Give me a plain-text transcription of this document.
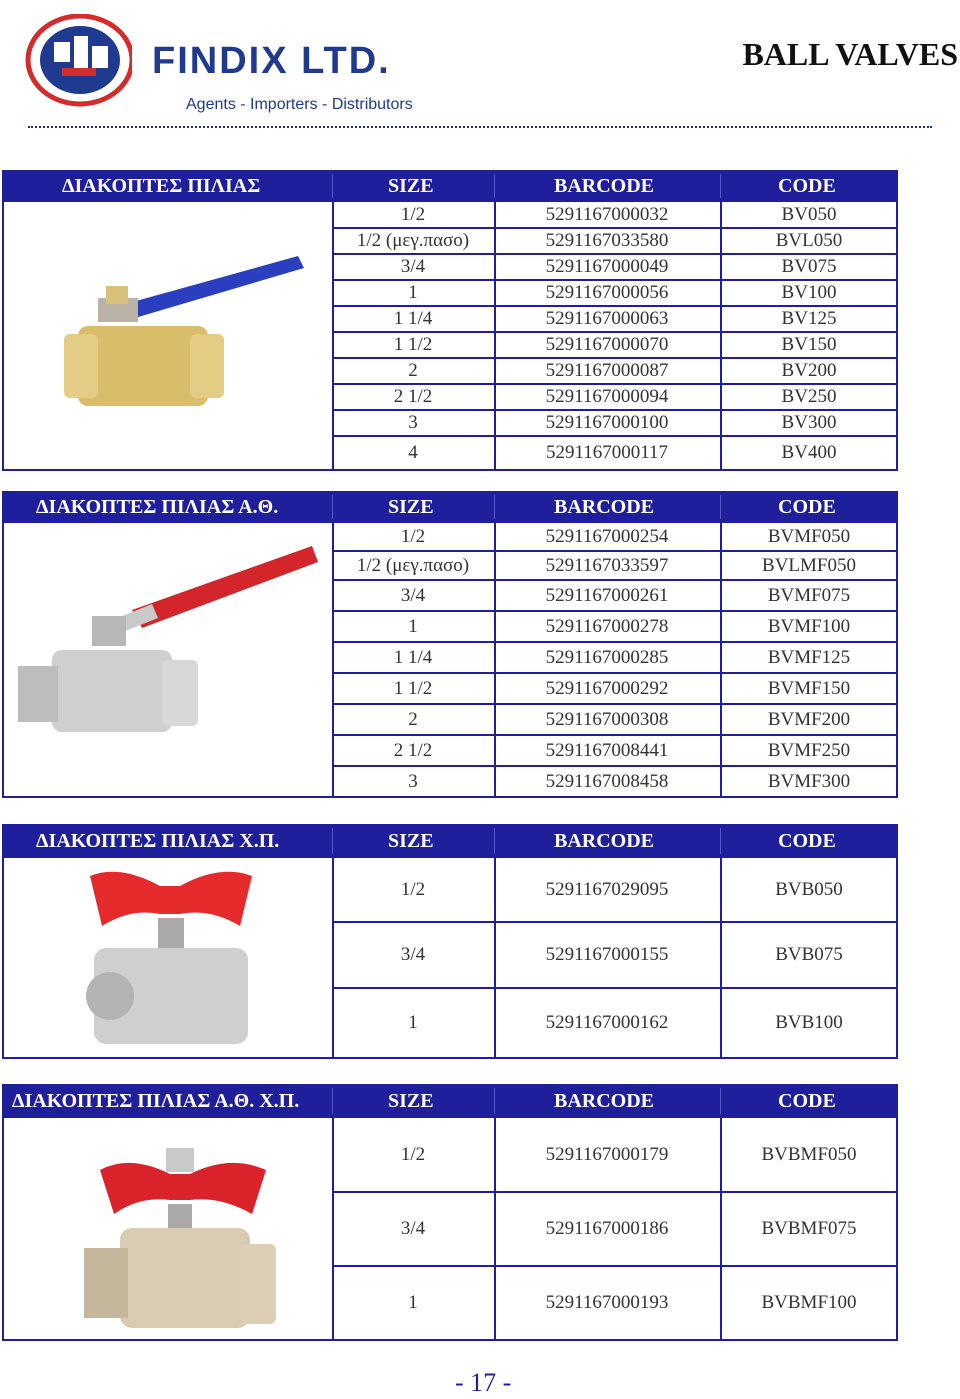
FINDIX LTD.
Agents - Importers - Distributors
BALL VALVES
ΔΙΑΚΟΠΤΕΣ ΠΙΛΙΑΣ	SIZE	BARCODE	CODE
1/2	5291167000032	BV050
1/2 (μεγ.πασο)	5291167033580	BVL050
3/4	5291167000049	BV075
1	5291167000056	BV100
1 1/4	5291167000063	BV125
1 1/2	5291167000070	BV150
2	5291167000087	BV200
2 1/2	5291167000094	BV250
3	5291167000100	BV300
4	5291167000117	BV400
ΔΙΑΚΟΠΤΕΣ ΠΙΛΙΑΣ Α.Θ.	SIZE	BARCODE	CODE
1/2	5291167000254	BVMF050
1/2 (μεγ.πασο)	5291167033597	BVLMF050
3/4	5291167000261	BVMF075
1	5291167000278	BVMF100
1 1/4	5291167000285	BVMF125
1 1/2	5291167000292	BVMF150
2	5291167000308	BVMF200
2 1/2	5291167008441	BVMF250
3	5291167008458	BVMF300
ΔΙΑΚΟΠΤΕΣ ΠΙΛΙΑΣ Χ.Π.	SIZE	BARCODE	CODE
1/2	5291167029095	BVB050
3/4	5291167000155	BVB075
1	5291167000162	BVB100
ΔΙΑΚΟΠΤΕΣ ΠΙΛΙΑΣ Α.Θ. Χ.Π.	SIZE	BARCODE	CODE
1/2	5291167000179	BVBMF050
3/4	5291167000186	BVBMF075
1	5291167000193	BVBMF100
- 17 -
